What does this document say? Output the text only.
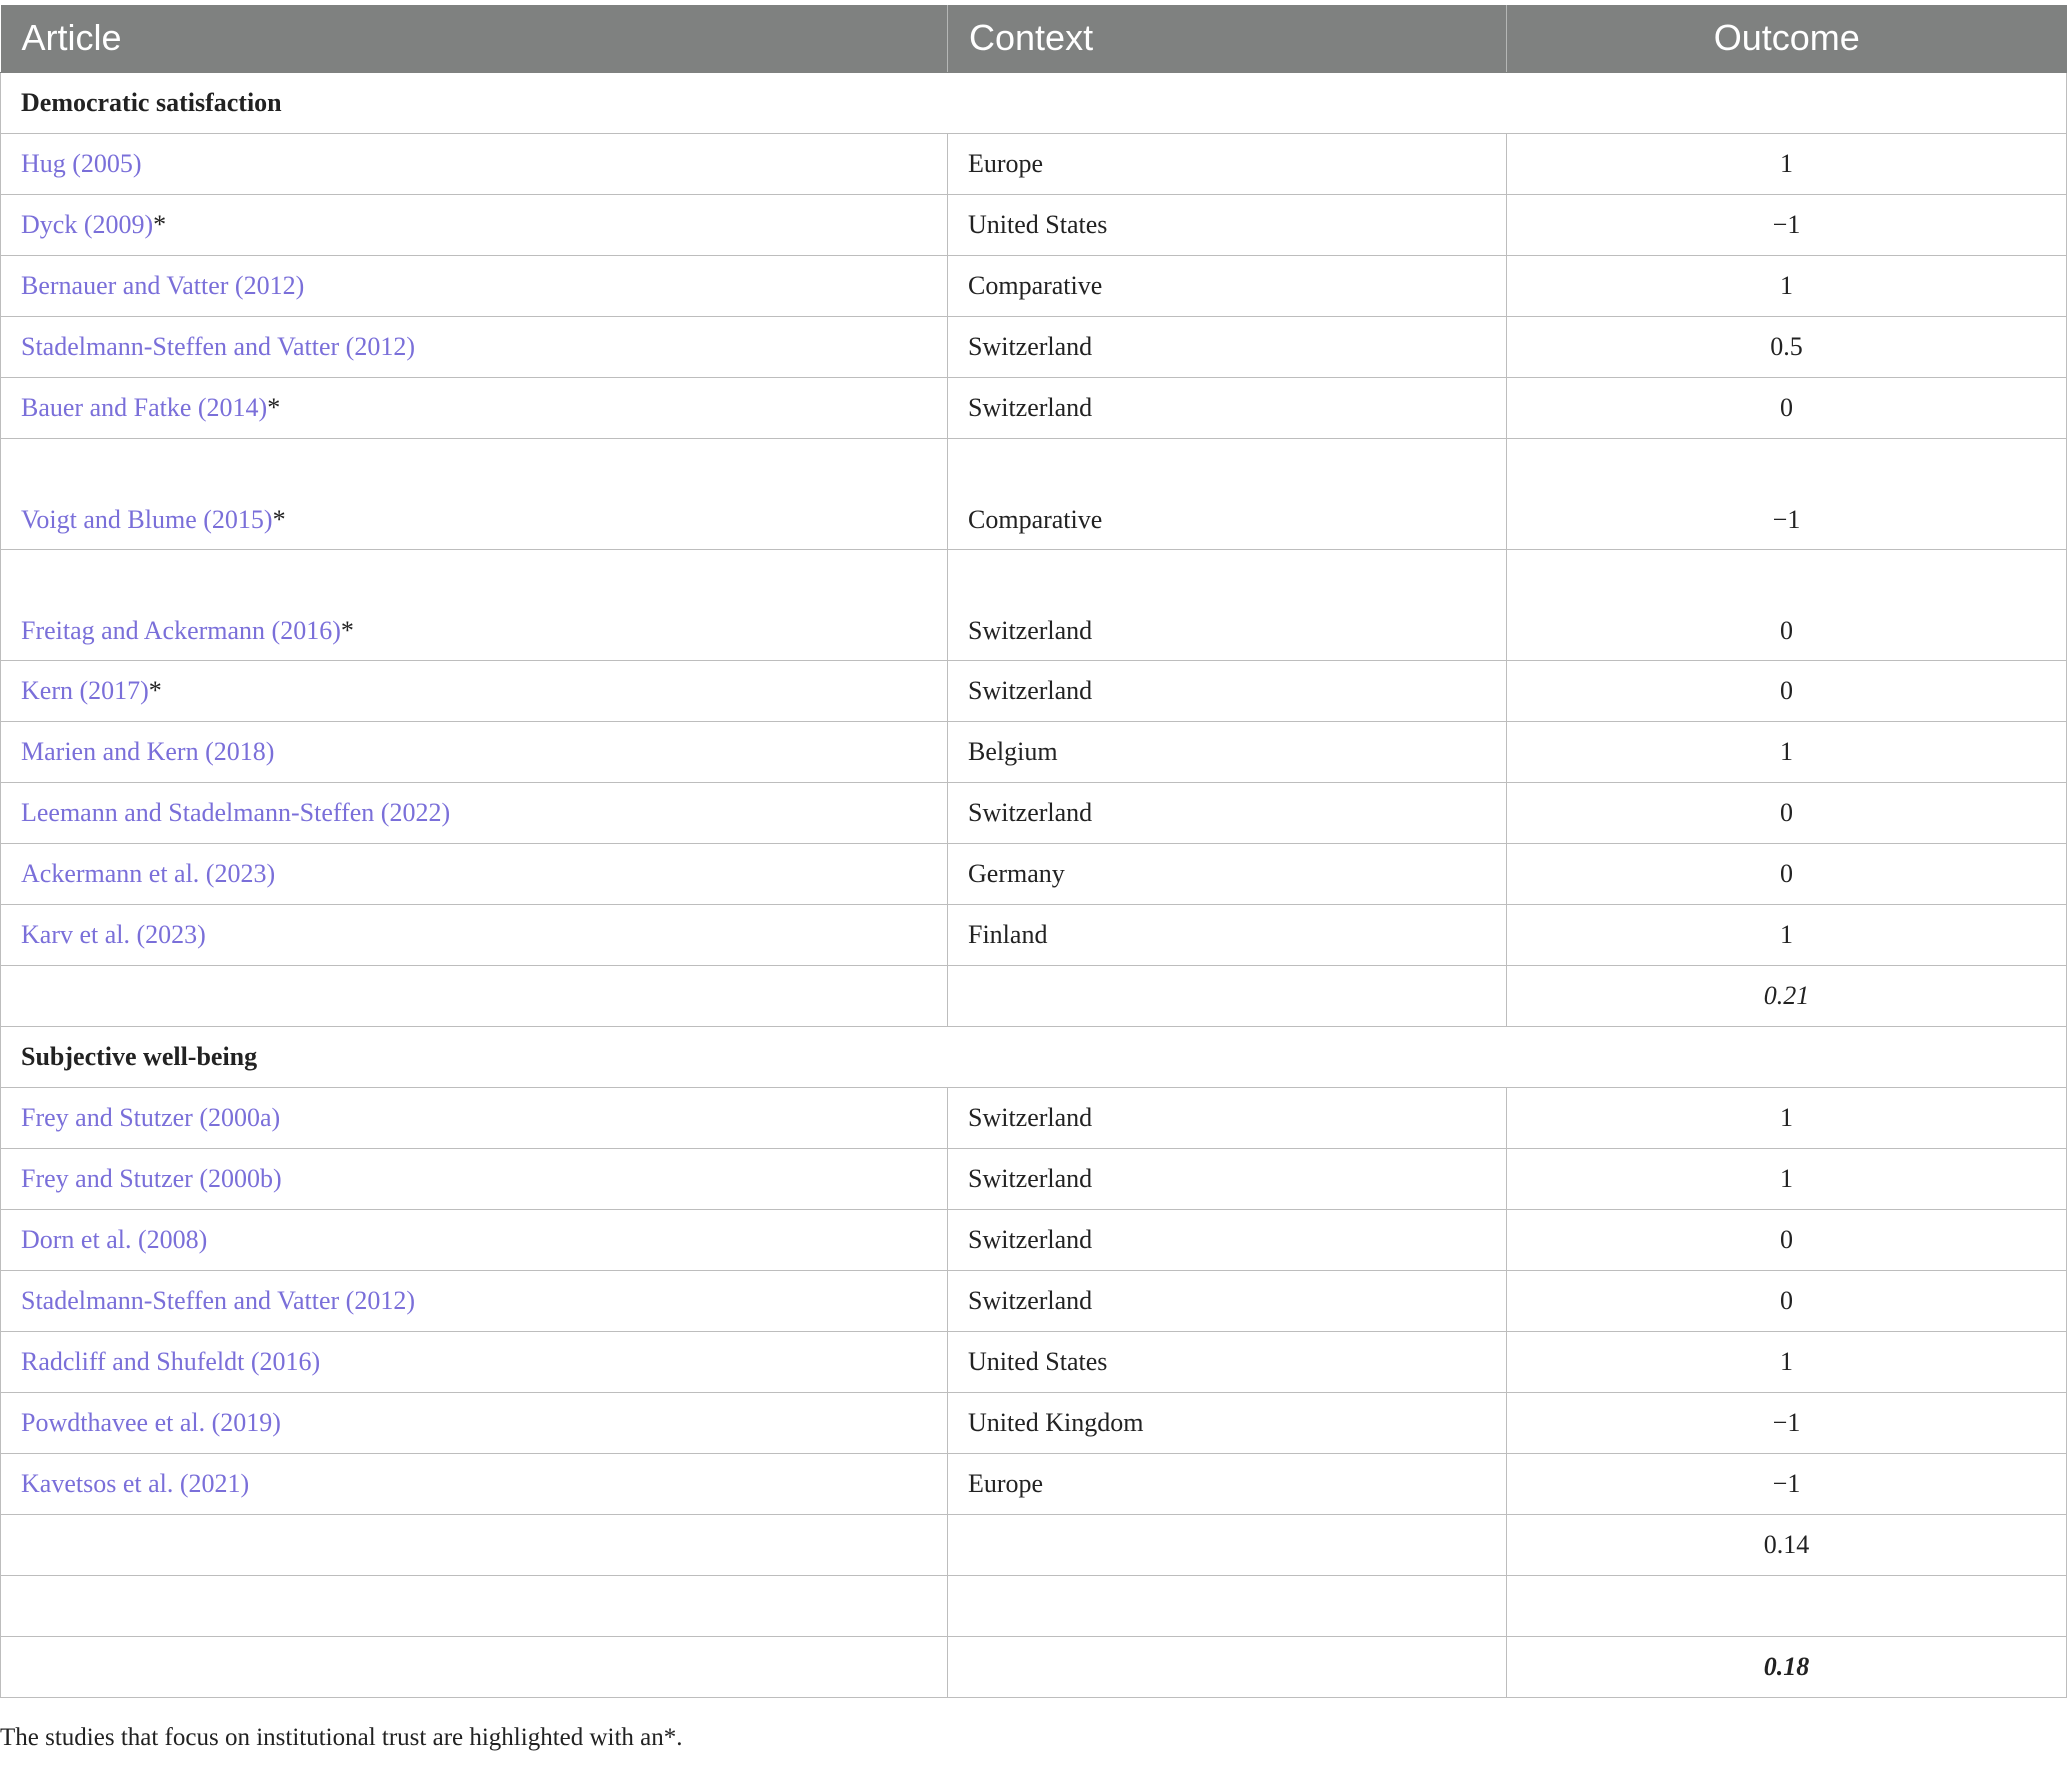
Article	Context	Outcome
Democratic satisfaction		
Hug (2005)	Europe	1
Dyck (2009)*	United States	−1
Bernauer and Vatter (2012)	Comparative	1
Stadelmann-Steffen and Vatter (2012)	Switzerland	0.5
Bauer and Fatke (2014)*	Switzerland	0
Voigt and Blume (2015)*	Comparative	−1
Freitag and Ackermann (2016)*	Switzerland	0
Kern (2017)*	Switzerland	0
Marien and Kern (2018)	Belgium	1
Leemann and Stadelmann-Steffen (2022)	Switzerland	0
Ackermann et al. (2023)	Germany	0
Karv et al. (2023)	Finland	1
		0.21
Subjective well-being		
Frey and Stutzer (2000a)	Switzerland	1
Frey and Stutzer (2000b)	Switzerland	1
Dorn et al. (2008)	Switzerland	0
Stadelmann-Steffen and Vatter (2012)	Switzerland	0
Radcliff and Shufeldt (2016)	United States	1
Powdthavee et al. (2019)	United Kingdom	−1
Kavetsos et al. (2021)	Europe	−1
		0.14

		0.18
The studies that focus on institutional trust are highlighted with an*.
